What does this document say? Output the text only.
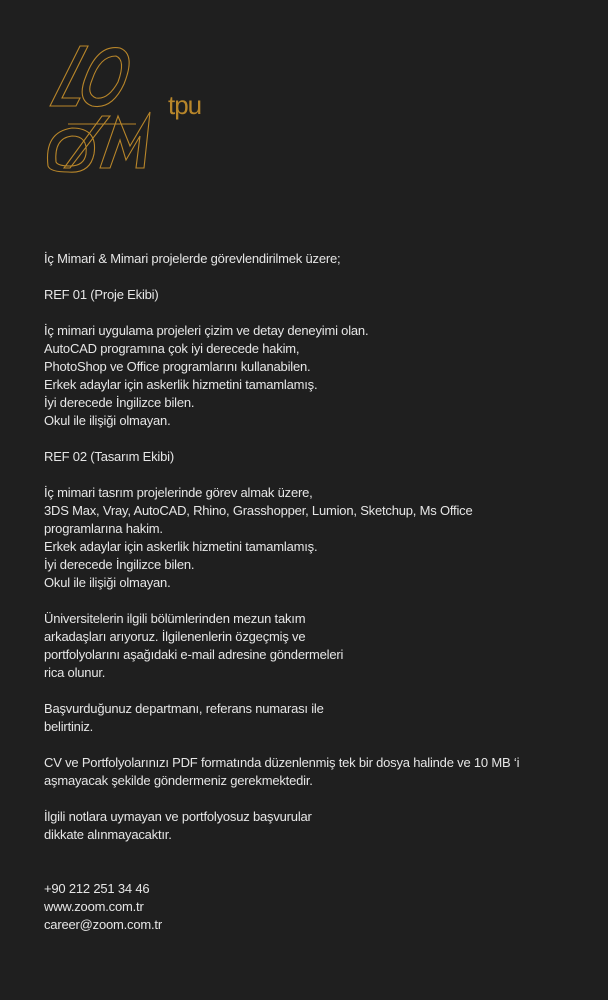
tpu
İç Mimari & Mimari projelerde görevlendirilmek üzere;
REF 01 (Proje Ekibi)
İç mimari uygulama projeleri çizim ve detay deneyimi olan.
AutoCAD programına çok iyi derecede hakim,
PhotoShop ve Office programlarını kullanabilen.
Erkek adaylar için askerlik hizmetini tamamlamış.
İyi derecede İngilizce bilen.
Okul ile ilişiği olmayan.
REF 02 (Tasarım Ekibi)
İç mimari tasrım projelerinde görev almak üzere,
3DS Max, Vray, AutoCAD, Rhino, Grasshopper, Lumion, Sketchup, Ms Office
programlarına hakim.
Erkek adaylar için askerlik hizmetini tamamlamış.
İyi derecede İngilizce bilen.
Okul ile ilişiği olmayan.
Üniversitelerin ilgili bölümlerinden mezun takım
arkadaşları arıyoruz. İlgilenenlerin özgeçmiş ve
portfolyolarını aşağıdaki e-mail adresine göndermeleri
rica olunur.
Başvurduğunuz departmanı, referans numarası ile
belirtiniz.
CV ve Portfolyolarınızı PDF formatında düzenlenmiş tek bir dosya halinde ve 10 MB ‘i
aşmayacak şekilde göndermeniz gerekmektedir.
İlgili notlara uymayan ve portfolyosuz başvurular
dikkate alınmayacaktır.
+90 212 251 34 46
www.zoom.com.tr
career@zoom.com.tr
